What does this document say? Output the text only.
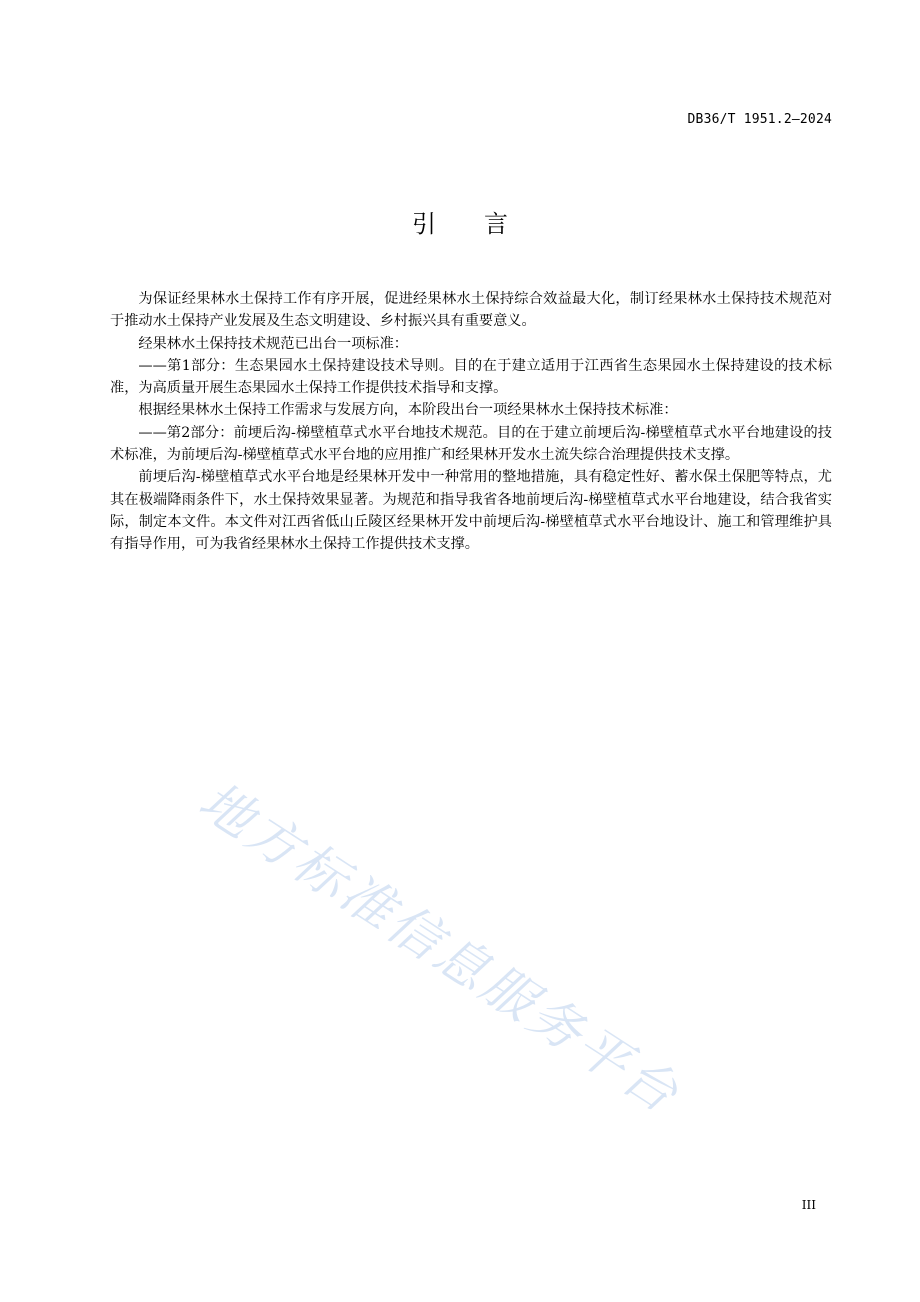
DB36/T 1951.2—2024
引言

为保证经果林水土保持工作有序开展，促进经果林水土保持综合效益最大化，制订经果林水土保持技术规范对于推动水土保持产业发展及生态文明建设、乡村振兴具有重要意义。

经果林水土保持技术规范已出台一项标准：

——第1部分：生态果园水土保持建设技术导则。目的在于建立适用于江西省生态果园水土保持建设的技术标准，为高质量开展生态果园水土保持工作提供技术指导和支撑。

根据经果林水土保持工作需求与发展方向，本阶段出台一项经果林水土保持技术标准：

——第2部分：前埂后沟-梯壁植草式水平台地技术规范。目的在于建立前埂后沟-梯壁植草式水平台地建设的技术标准，为前埂后沟-梯壁植草式水平台地的应用推广和经果林开发水土流失综合治理提供技术支撑。

前埂后沟-梯壁植草式水平台地是经果林开发中一种常用的整地措施，具有稳定性好、蓄水保土保肥等特点，尤其在极端降雨条件下，水土保持效果显著。为规范和指导我省各地前埂后沟-梯壁植草式水平台地建设，结合我省实际，制定本文件。本文件对江西省低山丘陵区经果林开发中前埂后沟-梯壁植草式水平台地设计、施工和管理维护具有指导作用，可为我省经果林水土保持工作提供技术支撑。

地方标准信息服务平台
III
